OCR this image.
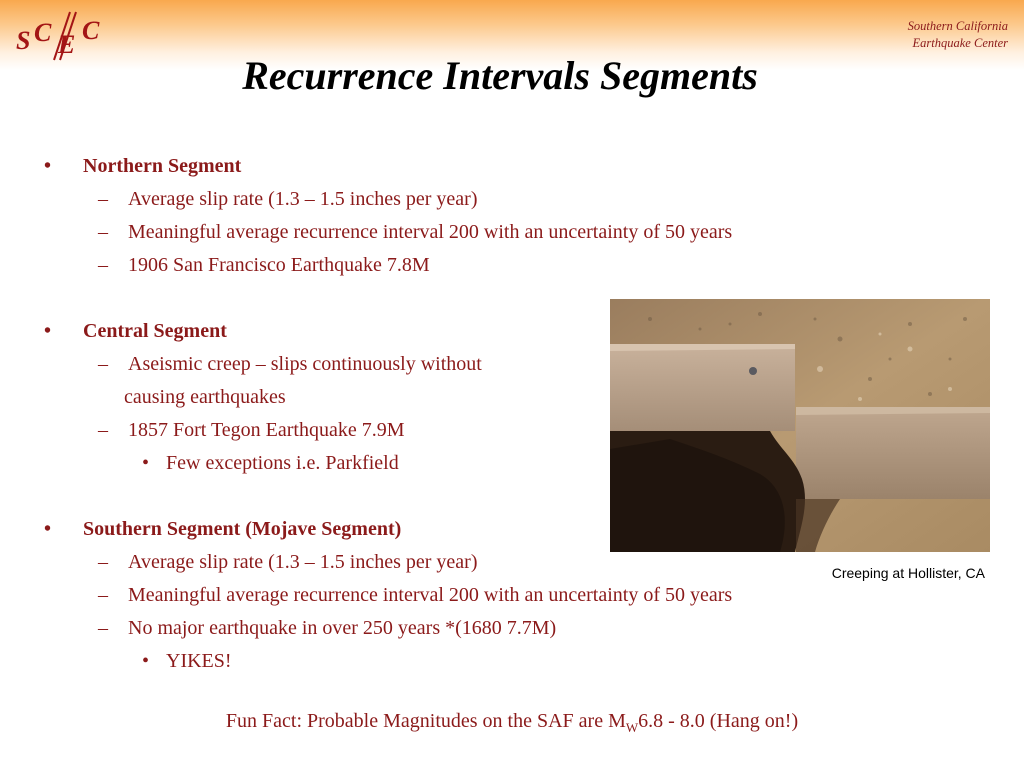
S C E C	Southern California
Earthquake Center
Recurrence Intervals Segments
• Northern Segment
– Average slip rate (1.3 – 1.5 inches per year)
– Meaningful average recurrence interval 200 with an uncertainty of 50 years
– 1906 San Francisco Earthquake 7.8M
• Central Segment
– Aseismic creep – slips continuously without
causing earthquakes
– 1857 Fort Tegon Earthquake 7.9M
• Few exceptions i.e. Parkfield
• Southern Segment (Mojave Segment)
– Average slip rate (1.3 – 1.5 inches per year)
– Meaningful average recurrence interval 200 with an uncertainty of 50 years
– No major earthquake in over 250 years *(1680 7.7M)
• YIKES!
Creeping at Hollister, CA
Fun Fact: Probable Magnitudes on the SAF are $M_W6.8 - 8.0$ (Hang on!)
